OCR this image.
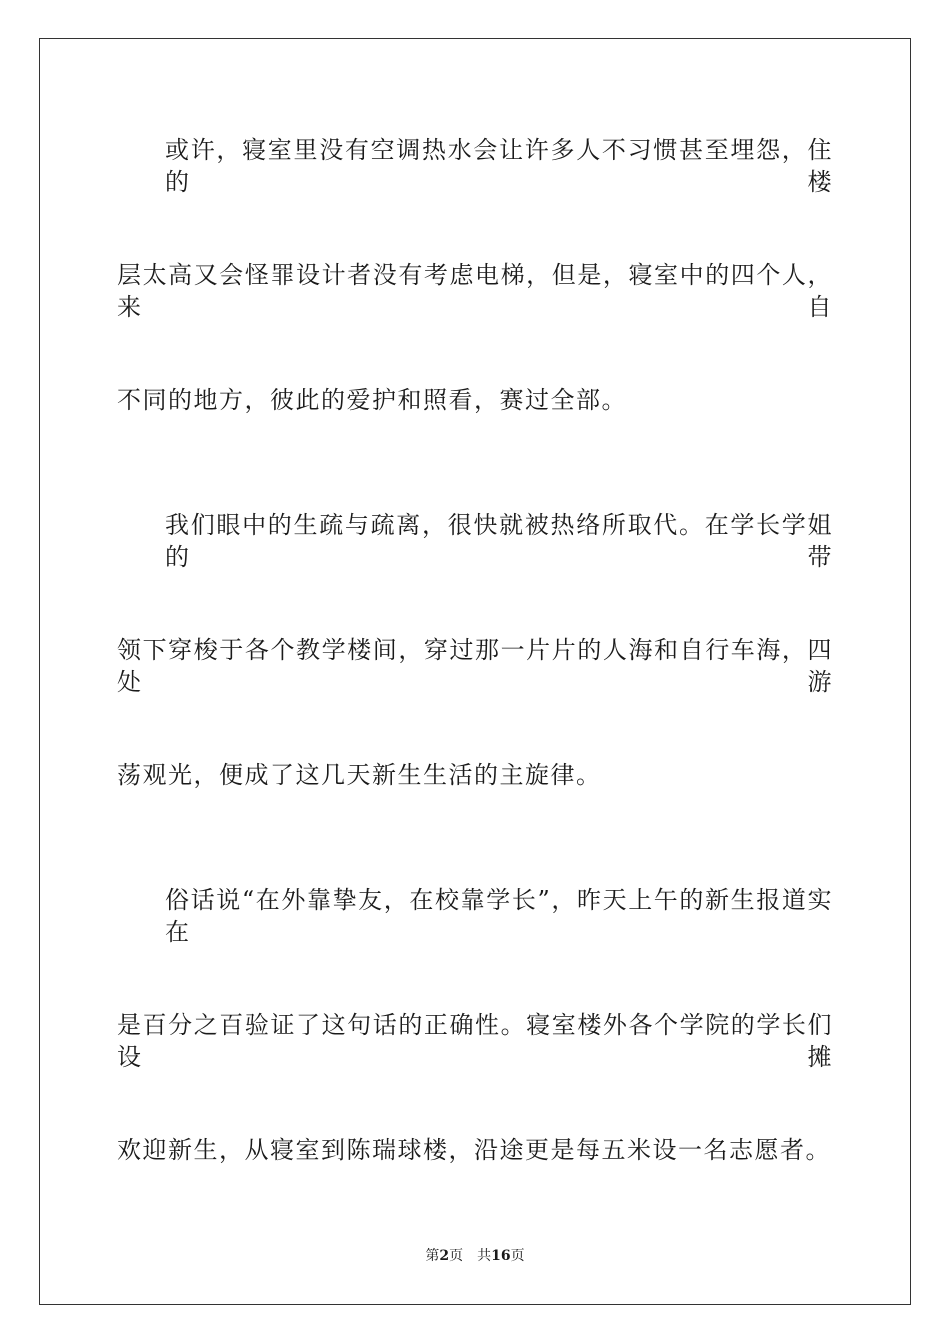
或许，寝室里没有空调热水会让许多人不习惯甚至埋怨，住的楼
层太高又会怪罪设计者没有考虑电梯，但是，寝室中的四个人，来自
不同的地方，彼此的爱护和照看，赛过全部。
我们眼中的生疏与疏离，很快就被热络所取代。在学长学姐的带
领下穿梭于各个教学楼间，穿过那一片片的人海和自行车海，四处游
荡观光，便成了这几天新生生活的主旋律。
俗话说“在外靠挚友，在校靠学长”，昨天上午的新生报道实在
是百分之百验证了这句话的正确性。寝室楼外各个学院的学长们设摊
欢迎新生，从寝室到陈瑞球楼，沿途更是每五米设一名志愿者。
第2页 共16页
